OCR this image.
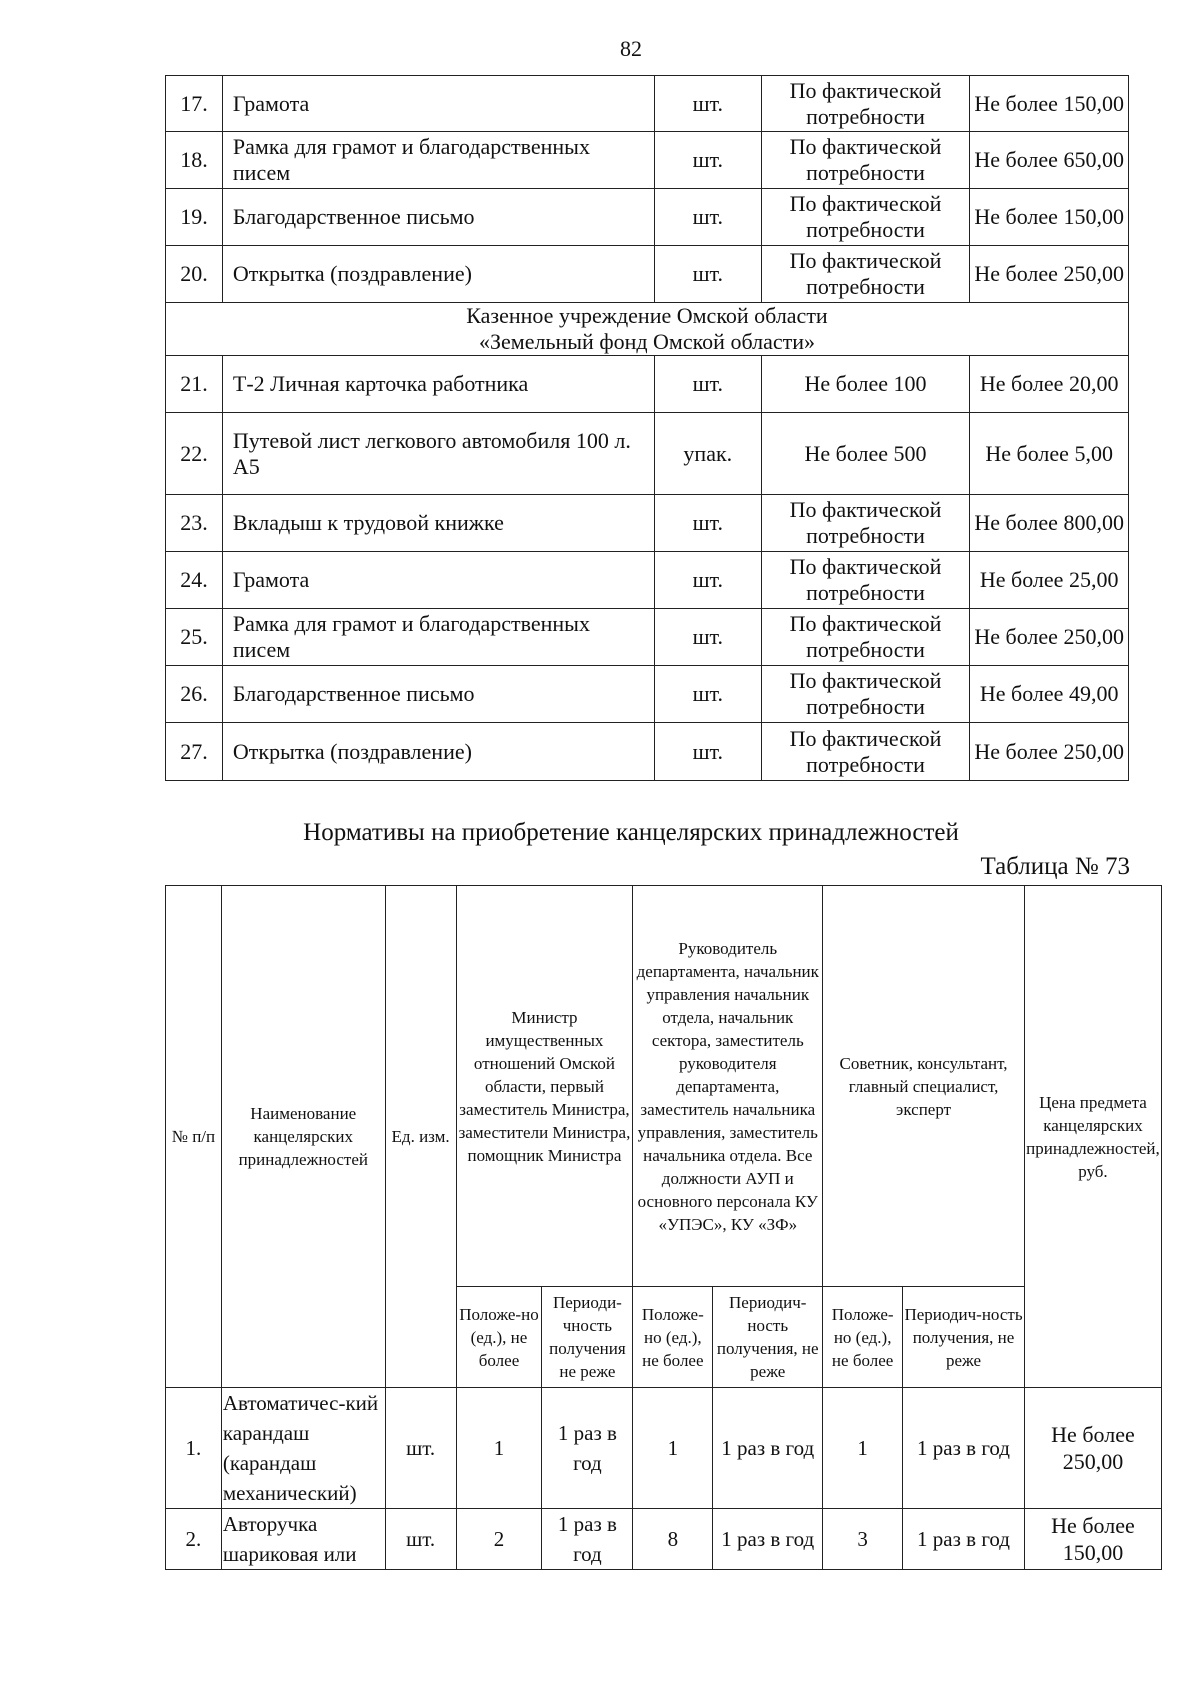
82
17.	Грамота	шт.	По фактической потребности	Не более 150,00
18.	Рамка для грамот и благодарственных писем	шт.	По фактической потребности	Не более 650,00
19.	Благодарственное письмо	шт.	По фактической потребности	Не более 150,00
20.	Открытка (поздравление)	шт.	По фактической потребности	Не более 250,00
Казенное учреждение Омской области
«Земельный фонд Омской области»				
21.	Т-2 Личная карточка работника	шт.	Не более 100	Не более 20,00
22.	Путевой лист легкового автомобиля 100 л. А5	упак.	Не более 500	Не более 5,00
23.	Вкладыш к трудовой книжке	шт.	По фактической потребности	Не более 800,00
24.	Грамота	шт.	По фактической потребности	Не более 25,00
25.	Рамка для грамот и благодарственных писем	шт.	По фактической потребности	Не более 250,00
26.	Благодарственное письмо	шт.	По фактической потребности	Не более 49,00
27.	Открытка (поздравление)	шт.	По фактической потребности	Не более 250,00
Нормативы на приобретение канцелярских принадлежностей
Таблица № 73
№ п/п	Наименование канцелярских принадлежностей	Ед. изм.	Министр имущественных отношений Омской области, первый заместитель Министра, заместители Министра, помощник Министра		Руководитель департамента, начальник управления начальник отдела, начальник сектора, заместитель руководителя департамента, заместитель начальника управления, заместитель начальника отдела. Все должности АУП и основного персонала КУ «УПЭС», КУ «ЗФ»		Советник, консультант, главный специалист, эксперт		Цена предмета канцелярских принадлежностей, руб.
			Положе-но (ед.), не более	Периоди-чность получения не реже	Положе-но (ед.), не более	Периодич-ность получения, не реже	Положе-но (ед.), не более	Периодич-ность получения, не реже	
1.	Автоматичес-кий карандаш (карандаш механический)	шт.	1	1 раз в год	1	1 раз в год	1	1 раз в год	Не более 250,00
2.	Авторучка шариковая или	шт.	2	1 раз в год	8	1 раз в год	3	1 раз в год	Не более 150,00
